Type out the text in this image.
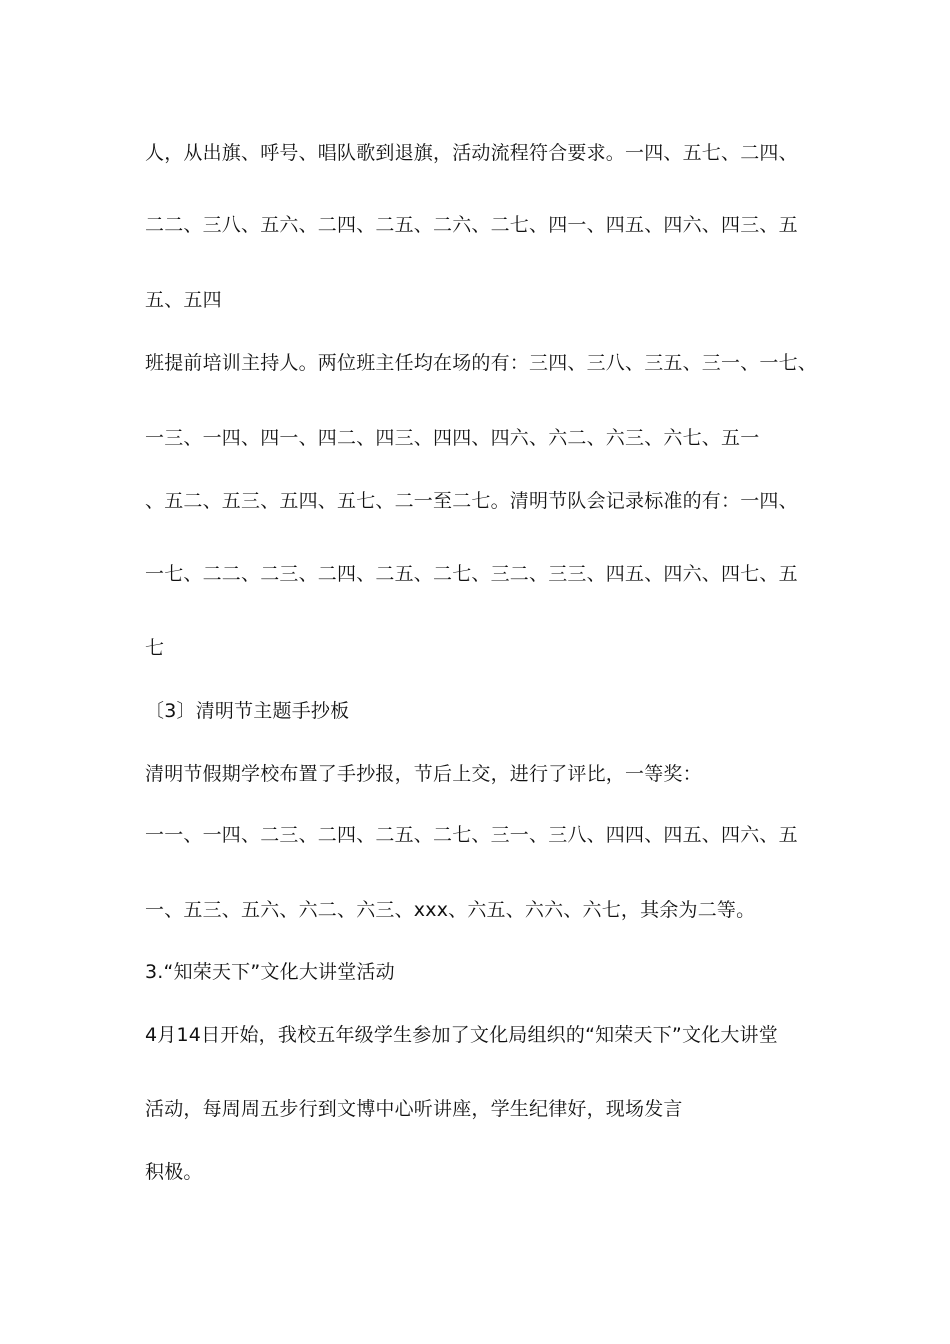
人，从出旗、呼号、唱队歌到退旗，活动流程符合要求。一四、五七、二四、
二二、三八、五六、二四、二五、二六、二七、四一、四五、四六、四三、五
五、五四
班提前培训主持人。两位班主任均在场的有：三四、三八、三五、三一、一七、
一三、一四、四一、四二、四三、四四、四六、六二、六三、六七、五一
、五二、五三、五四、五七、二一至二七。清明节队会记录标准的有：一四、
一七、二二、二三、二四、二五、二七、三二、三三、四五、四六、四七、五
七
〔3〕清明节主题手抄板
清明节假期学校布置了手抄报，节后上交，进行了评比，一等奖：
一一、一四、二三、二四、二五、二七、三一、三八、四四、四五、四六、五
一、五三、五六、六二、六三、xxx、六五、六六、六七，其余为二等。
3.“知荣天下”文化大讲堂活动
4月14日开始，我校五年级学生参加了文化局组织的“知荣天下”文化大讲堂
活动，每周周五步行到文博中心听讲座，学生纪律好，现场发言
积极。
